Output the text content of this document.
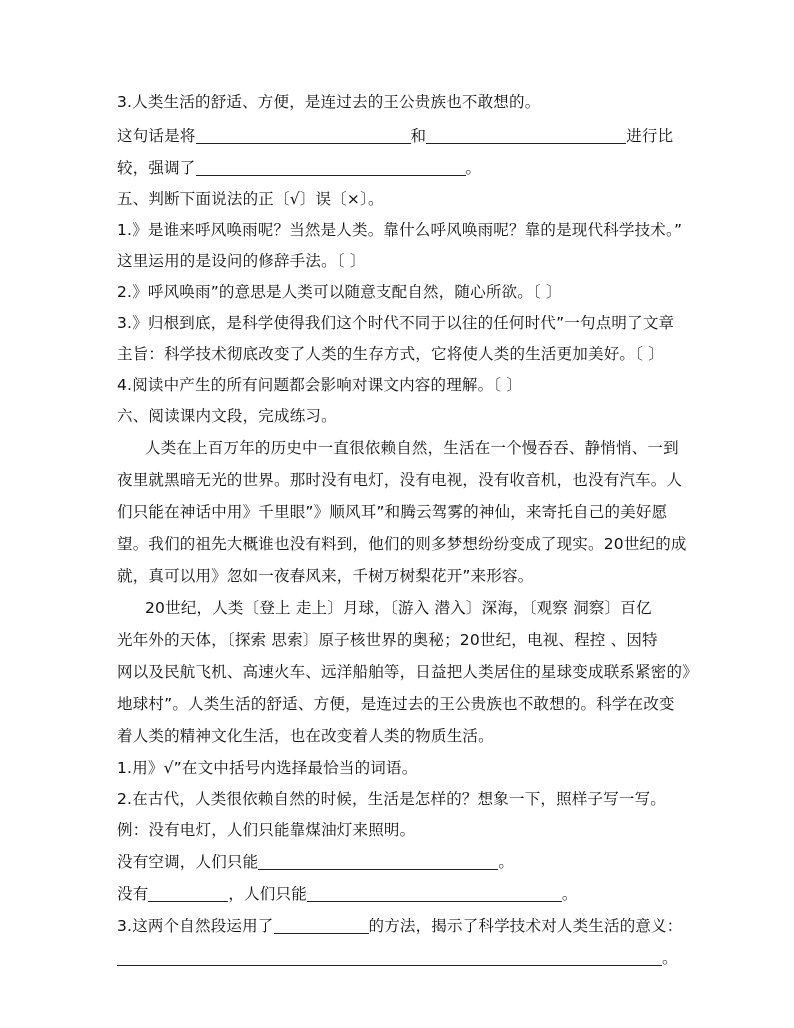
3.人类生活的舒适、方便，是连过去的王公贵族也不敢想的。
这句话是将	和	进行比
较，强调了	。
五、判断下面说法的正〔√〕误〔×〕。
1.》是谁来呼风唤雨呢？当然是人类。靠什么呼风唤雨呢？靠的是现代科学技术。”
这里运用的是设问的修辞手法。〔 〕
2.》呼风唤雨”的意思是人类可以随意支配自然，随心所欲。〔 〕
3.》归根到底，是科学使得我们这个时代不同于以往的任何时代”一句点明了文章
主旨：科学技术彻底改变了人类的生存方式，它将使人类的生活更加美好。〔 〕
4.阅读中产生的所有问题都会影响对课文内容的理解。〔 〕
六、阅读课内文段，完成练习。
人类在上百万年的历史中一直很依赖自然，生活在一个慢吞吞、静悄悄、一到
夜里就黑暗无光的世界。那时没有电灯，没有电视，没有收音机，也没有汽车。人
们只能在神话中用》千里眼”》顺风耳”和腾云驾雾的神仙，来寄托自己的美好愿
望。我们的祖先大概谁也没有料到，他们的则多梦想纷纷变成了现实。20世纪的成
就，真可以用》忽如一夜春风来，千树万树梨花开”来形容。
20世纪，人类〔登上 走上〕月球，〔游入 潜入〕深海，〔观察 洞察〕百亿
光年外的天体，〔探索 思索〕原子核世界的奥秘；20世纪，电视、程控 、因特
网以及民航飞机、高速火车、远洋船舶等，日益把人类居住的星球变成联系紧密的》
地球村”。人类生活的舒适、方便，是连过去的王公贵族也不敢想的。科学在改变
着人类的精神文化生活，也在改变着人类的物质生活。
1.用》√”在文中括号内选择最恰当的词语。
2.在古代，人类很依赖自然的时候，生活是怎样的？想象一下，照样子写一写。
例：没有电灯，人们只能靠煤油灯来照明。
没有空调，人们只能	。
没有	，人们只能	。
3.这两个自然段运用了	的方法，揭示了科学技术对人类生活的意义：
。
